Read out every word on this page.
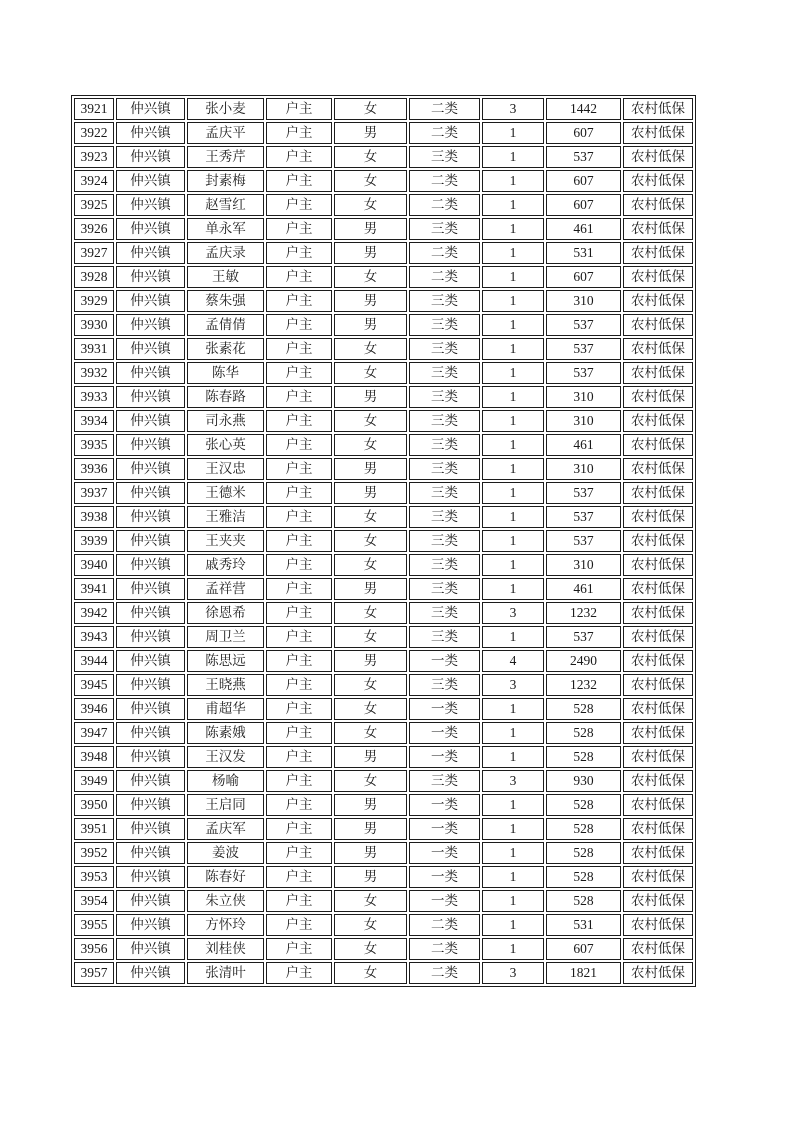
3921	仲兴镇	张小麦	户主	女	二类	3	1442	农村低保
3922	仲兴镇	孟庆平	户主	男	二类	1	607	农村低保
3923	仲兴镇	王秀芹	户主	女	三类	1	537	农村低保
3924	仲兴镇	封素梅	户主	女	二类	1	607	农村低保
3925	仲兴镇	赵雪红	户主	女	二类	1	607	农村低保
3926	仲兴镇	单永军	户主	男	三类	1	461	农村低保
3927	仲兴镇	孟庆录	户主	男	二类	1	531	农村低保
3928	仲兴镇	王敏	户主	女	二类	1	607	农村低保
3929	仲兴镇	蔡朱强	户主	男	三类	1	310	农村低保
3930	仲兴镇	孟倩倩	户主	男	三类	1	537	农村低保
3931	仲兴镇	张素花	户主	女	三类	1	537	农村低保
3932	仲兴镇	陈华	户主	女	三类	1	537	农村低保
3933	仲兴镇	陈春路	户主	男	三类	1	310	农村低保
3934	仲兴镇	司永燕	户主	女	三类	1	310	农村低保
3935	仲兴镇	张心英	户主	女	三类	1	461	农村低保
3936	仲兴镇	王汉忠	户主	男	三类	1	310	农村低保
3937	仲兴镇	王德米	户主	男	三类	1	537	农村低保
3938	仲兴镇	王雅洁	户主	女	三类	1	537	农村低保
3939	仲兴镇	王夹夹	户主	女	三类	1	537	农村低保
3940	仲兴镇	戚秀玲	户主	女	三类	1	310	农村低保
3941	仲兴镇	孟祥营	户主	男	三类	1	461	农村低保
3942	仲兴镇	徐恩希	户主	女	三类	3	1232	农村低保
3943	仲兴镇	周卫兰	户主	女	三类	1	537	农村低保
3944	仲兴镇	陈思远	户主	男	一类	4	2490	农村低保
3945	仲兴镇	王晓燕	户主	女	三类	3	1232	农村低保
3946	仲兴镇	甫超华	户主	女	一类	1	528	农村低保
3947	仲兴镇	陈素娥	户主	女	一类	1	528	农村低保
3948	仲兴镇	王汉发	户主	男	一类	1	528	农村低保
3949	仲兴镇	杨喻	户主	女	三类	3	930	农村低保
3950	仲兴镇	王启同	户主	男	一类	1	528	农村低保
3951	仲兴镇	孟庆军	户主	男	一类	1	528	农村低保
3952	仲兴镇	姜波	户主	男	一类	1	528	农村低保
3953	仲兴镇	陈春好	户主	男	一类	1	528	农村低保
3954	仲兴镇	朱立侠	户主	女	一类	1	528	农村低保
3955	仲兴镇	方怀玲	户主	女	二类	1	531	农村低保
3956	仲兴镇	刘桂侠	户主	女	二类	1	607	农村低保
3957	仲兴镇	张清叶	户主	女	二类	3	1821	农村低保
